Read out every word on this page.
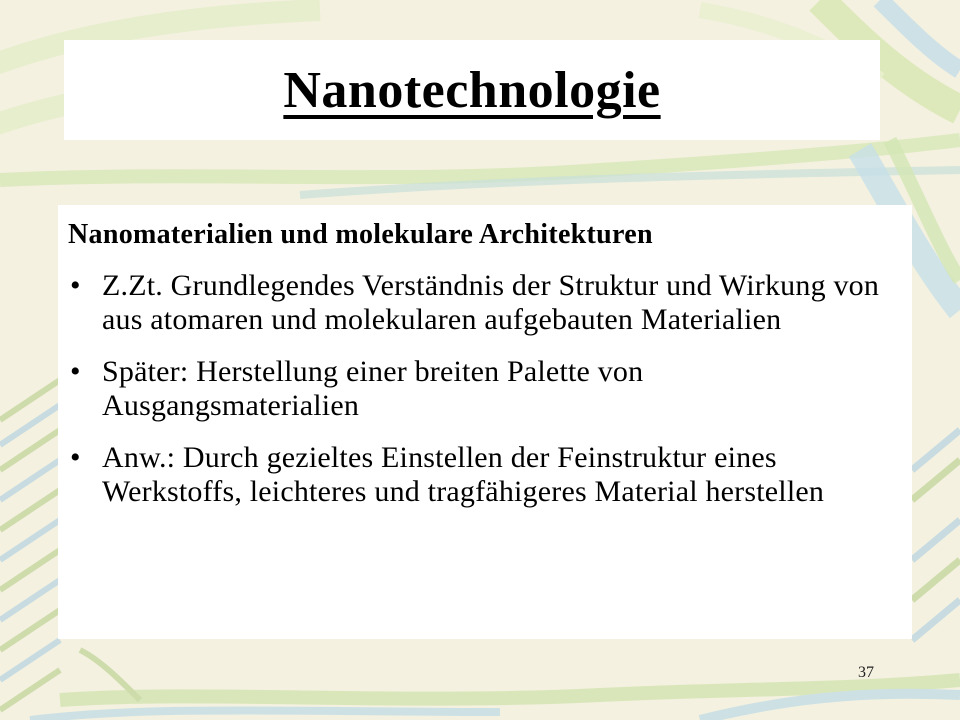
Nanotechnologie
Nanomaterialien und molekulare Architekturen
• Z.Zt. Grundlegendes Verständnis der Struktur und Wirkung von aus atomaren und molekularen aufgebauten Materialien
• Später: Herstellung einer breiten Palette von Ausgangsmaterialien
• Anw.: Durch gezieltes Einstellen der Feinstruktur eines Werkstoffs, leichteres und tragfähigeres Material herstellen
37
